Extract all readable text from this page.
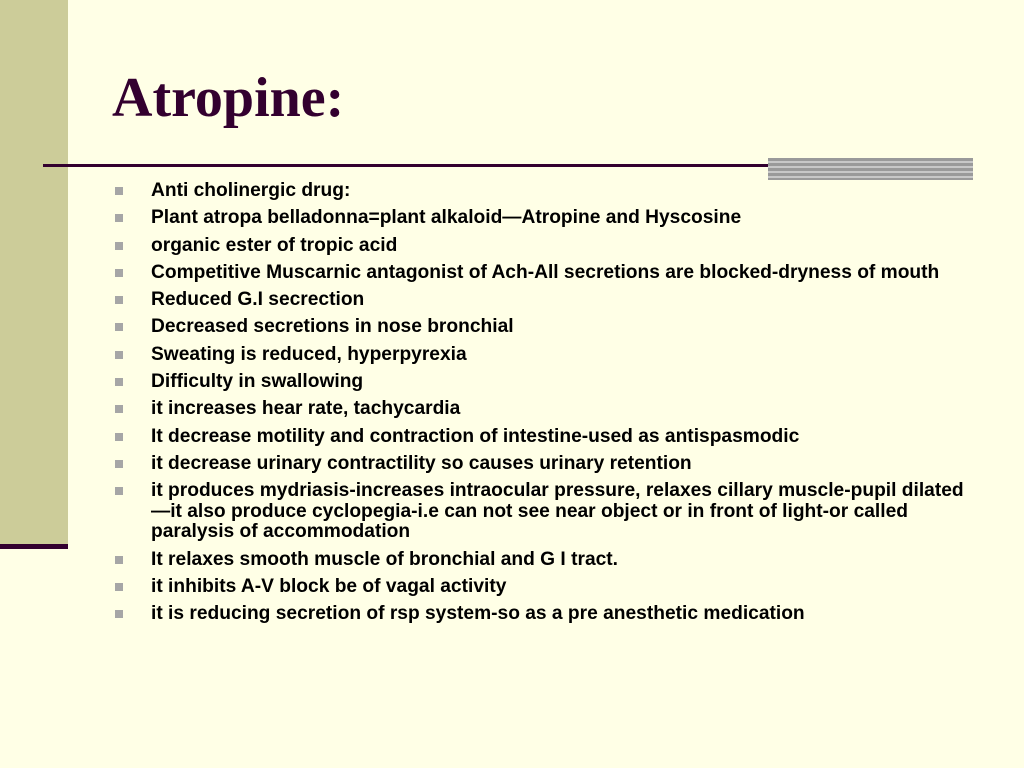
Atropine:
Anti cholinergic drug:
Plant atropa belladonna=plant alkaloid—Atropine and Hyscosine
organic ester of tropic acid
Competitive Muscarnic antagonist of Ach-All secretions are blocked-dryness of mouth
Reduced G.I secrection
Decreased secretions in nose bronchial
Sweating is reduced, hyperpyrexia
Difficulty in swallowing
it increases hear rate, tachycardia
It decrease motility and contraction of intestine-used as antispasmodic
it decrease urinary contractility so causes urinary retention
it produces mydriasis-increases intraocular pressure, relaxes cillary muscle-pupil dilated—it also produce cyclopegia-i.e can not see near object or in front of light-or called paralysis of accommodation
It relaxes smooth muscle of bronchial and G I tract.
it inhibits A-V block be of vagal activity
it is reducing secretion of rsp system-so as a pre anesthetic medication
